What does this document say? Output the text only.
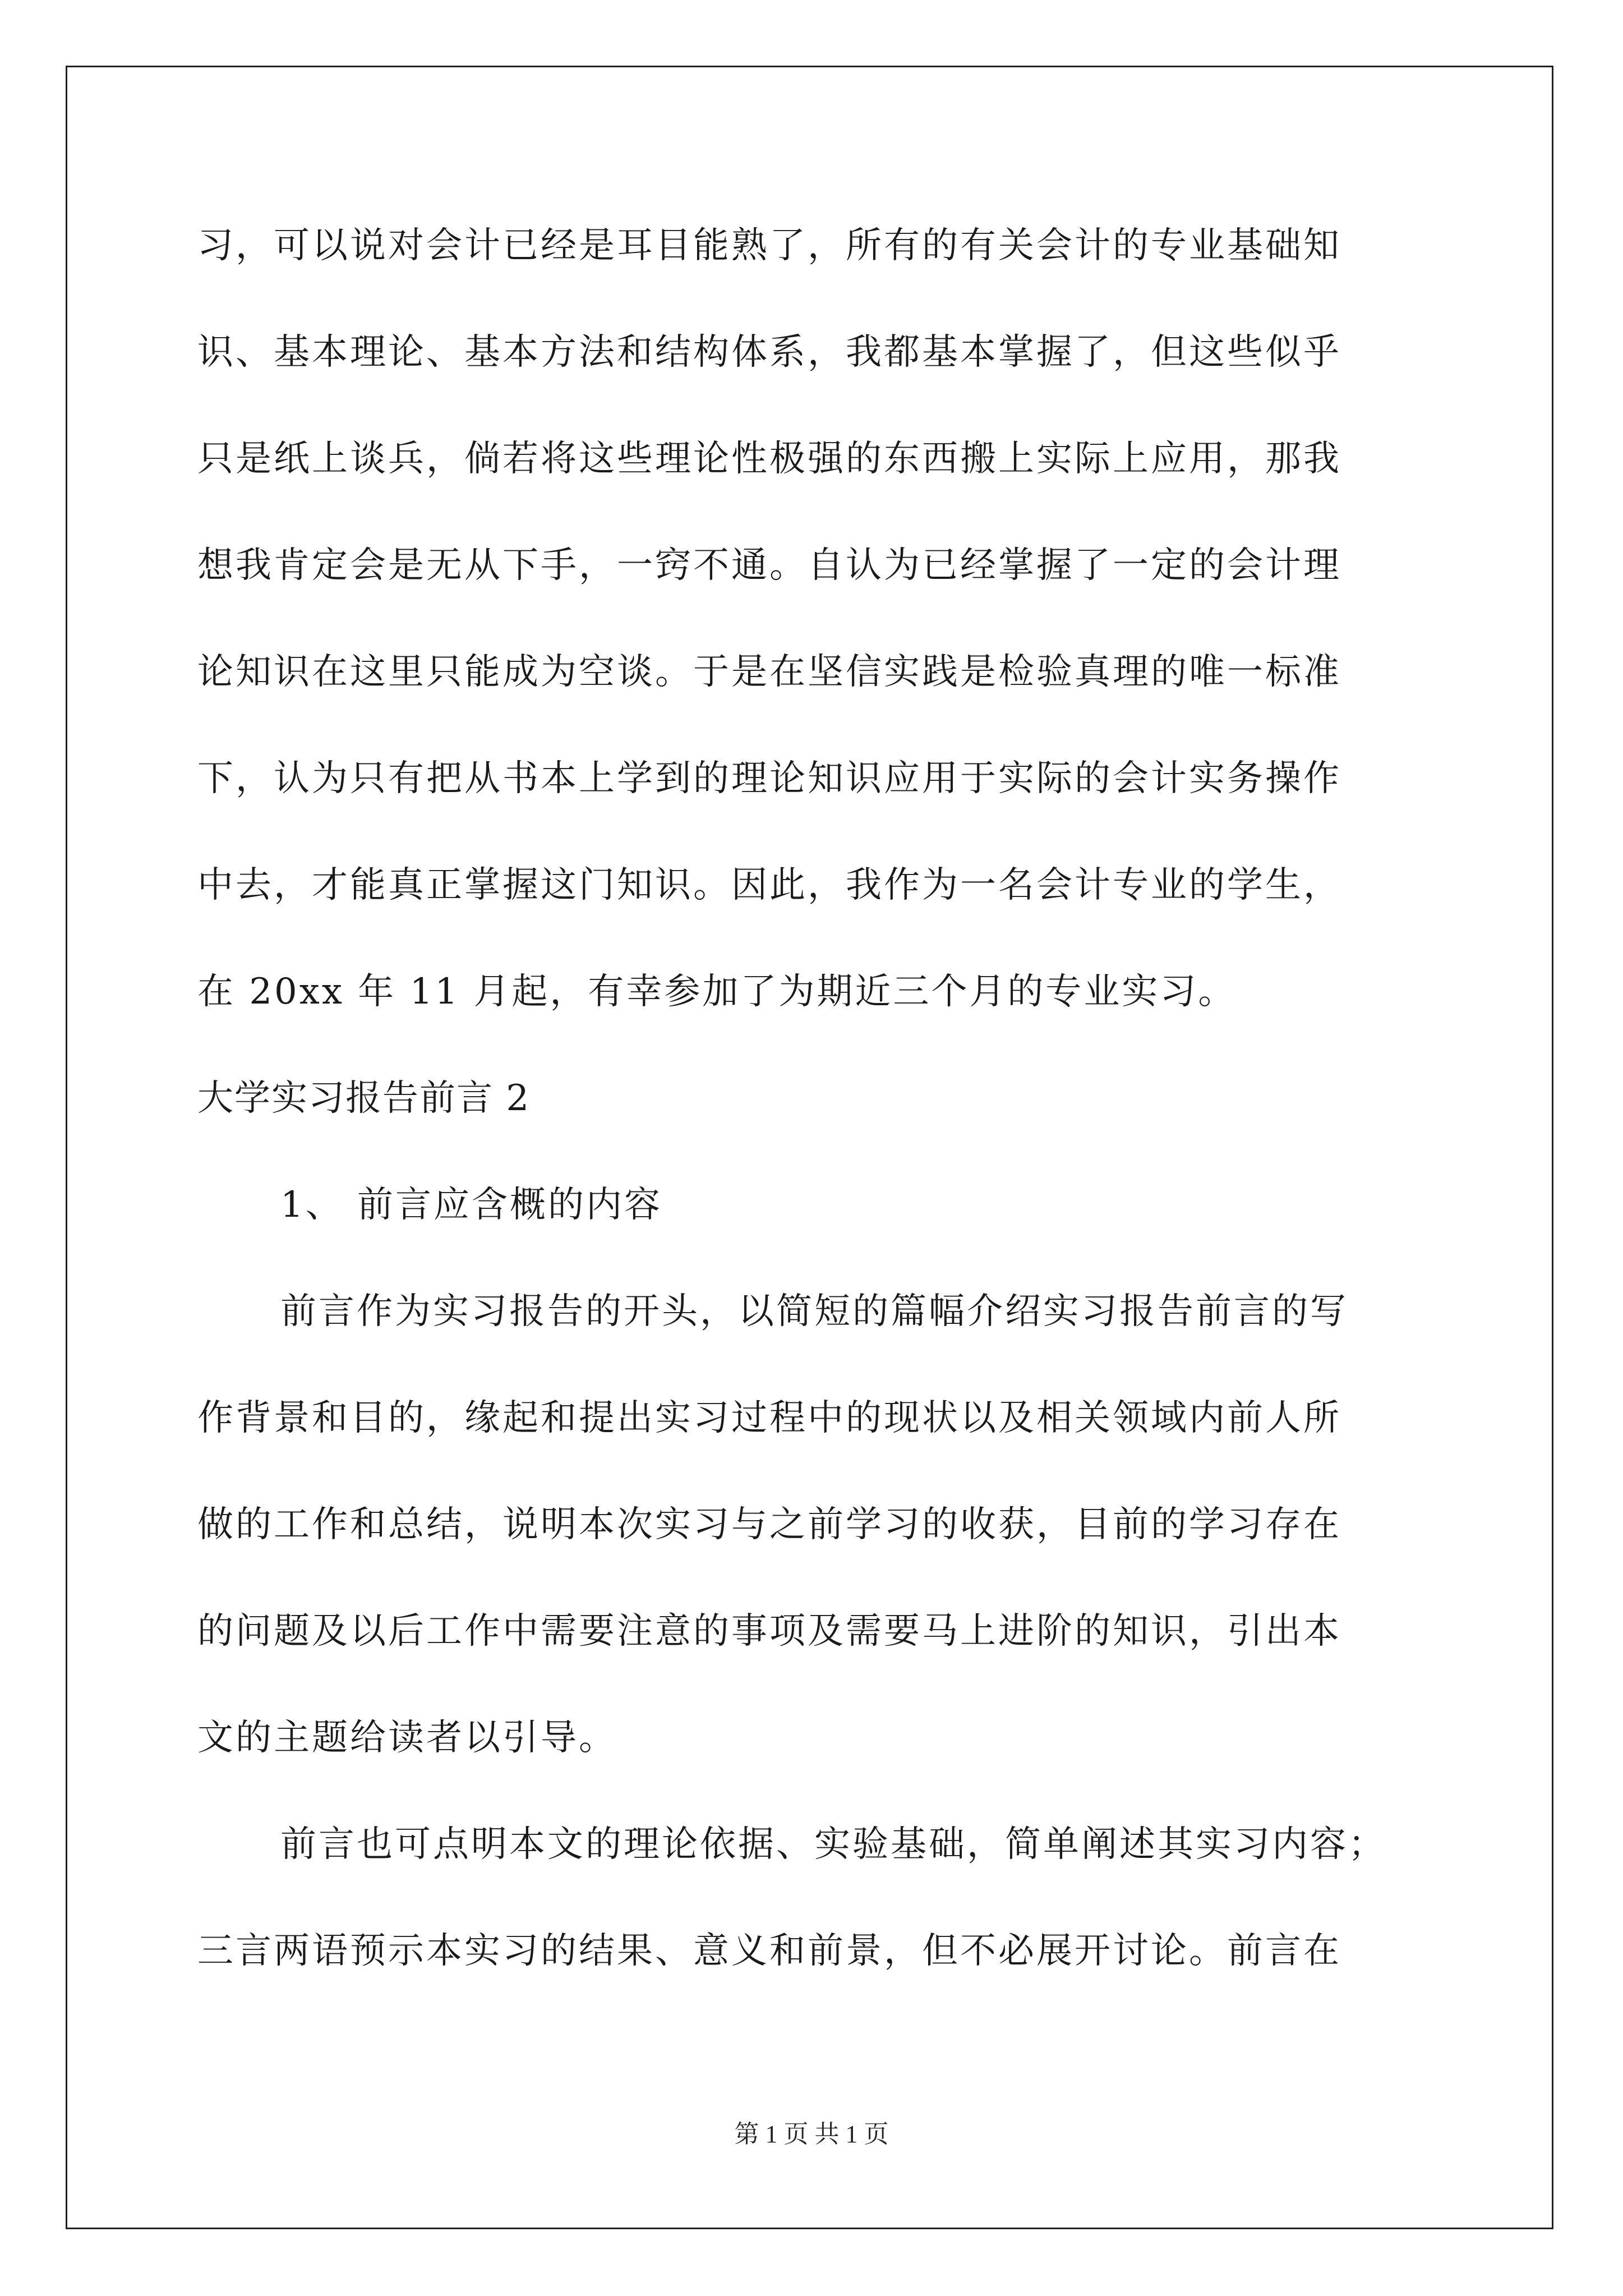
习，可以说对会计已经是耳目能熟了，所有的有关会计的专业基础知
识、基本理论、基本方法和结构体系，我都基本掌握了，但这些似乎
只是纸上谈兵，倘若将这些理论性极强的东西搬上实际上应用，那我
想我肯定会是无从下手，一窍不通。自认为已经掌握了一定的会计理
论知识在这里只能成为空谈。于是在坚信实践是检验真理的唯一标准
下，认为只有把从书本上学到的理论知识应用于实际的会计实务操作
中去，才能真正掌握这门知识。因此，我作为一名会计专业的学生，
在 20xx 年 11 月起，有幸参加了为期近三个月的专业实习。
大学实习报告前言 2
1、 前言应含概的内容
前言作为实习报告的开头，以简短的篇幅介绍实习报告前言的写
作背景和目的，缘起和提出实习过程中的现状以及相关领域内前人所
做的工作和总结，说明本次实习与之前学习的收获，目前的学习存在
的问题及以后工作中需要注意的事项及需要马上进阶的知识，引出本
文的主题给读者以引导。
前言也可点明本文的理论依据、实验基础，简单阐述其实习内容；
三言两语预示本实习的结果、意义和前景，但不必展开讨论。前言在
第 1 页 共 1 页
